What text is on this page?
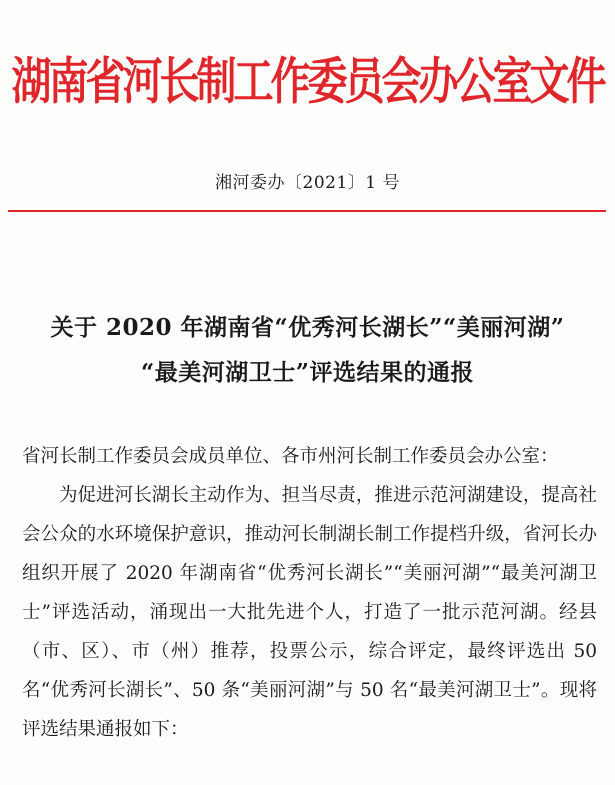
湖南省河长制工作委员会办公室文件
湘河委办〔2021〕1 号
关于 2020 年湖南省“优秀河长湖长”“美丽河湖”
“最美河湖卫士”评选结果的通报
省河长制工作委员会成员单位、各市州河长制工作委员会办公室：
为促进河长湖长主动作为、担当尽责，推进示范河湖建设，提高社会公众的水环境保护意识，推动河长制湖长制工作提档升级，省河长办组织开展了 2020 年湖南省“优秀河长湖长”“美丽河湖”“最美河湖卫士”评选活动，涌现出一大批先进个人，打造了一批示范河湖。经县（市、区）、市（州）推荐，投票公示，综合评定，最终评选出 50 名“优秀河长湖长”、50 条“美丽河湖”与 50 名“最美河湖卫士”。现将评选结果通报如下：
